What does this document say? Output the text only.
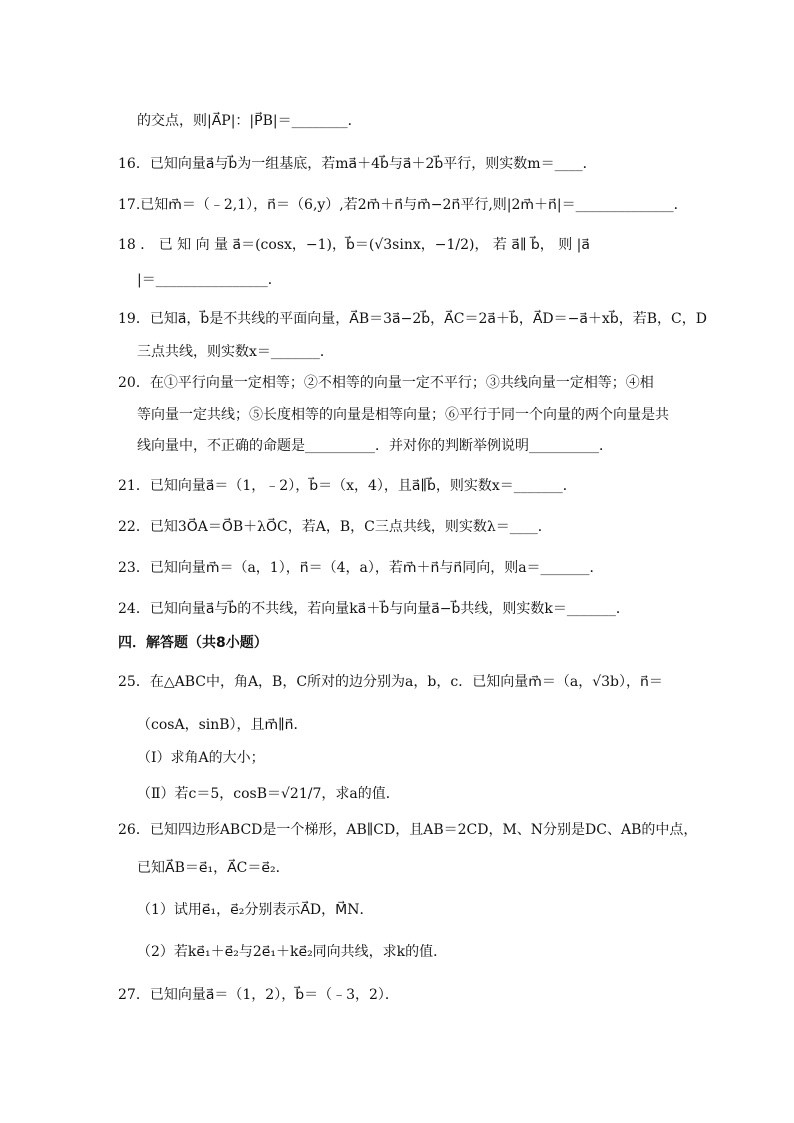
的交点，则|A⃗P|：|P⃗B|＝________．
16．已知向量a⃗与b⃗为一组基底，若ma⃗＋4b⃗与a⃗＋2b⃗平行，则实数m＝____．
17.已知m⃗＝（﹣2,1），n⃗＝（6,y）,若2m⃗＋n⃗与m⃗−2n⃗平行,则|2m⃗＋n⃗|＝______________．
18 ． 已 知 向 量 a⃗＝(cosx，−1)，b⃗＝(√3sinx，−1/2)， 若 a⃗∥ b⃗， 则 |a⃗
|＝________________．
19．已知a⃗，b⃗是不共线的平面向量，A⃗B＝3a⃗−2b⃗，A⃗C＝2a⃗＋b⃗，A⃗D＝−a⃗＋xb⃗，若B，C，D
三点共线，则实数x＝_______．
20．在①平行向量一定相等；②不相等的向量一定不平行；③共线向量一定相等；④相
等向量一定共线；⑤长度相等的向量是相等向量；⑥平行于同一个向量的两个向量是共
线向量中，不正确的命题是__________．并对你的判断举例说明__________．
21．已知向量a⃗＝（1，﹣2），b⃗＝（x，4），且a⃗∥b⃗，则实数x＝_______．
22．已知3O⃗A＝O⃗B＋λO⃗C，若A，B，C三点共线，则实数λ＝____．
23．已知向量m⃗＝（a，1），n⃗＝（4，a），若m⃗＋n⃗与n⃗同向，则a＝_______．
24．已知向量a⃗与b⃗的不共线，若向量ka⃗＋b⃗与向量a⃗−b⃗共线，则实数k＝_______．
四．解答题（共8小题）
25．在△ABC中，角A，B，C所对的边分别为a，b，c．已知向量m⃗＝（a，√3b），n⃗＝
（cosA，sinB），且m⃗∥n⃗．
（Ⅰ）求角A的大小；
（Ⅱ）若c＝5，cosB＝√21/7，求a的值．
26．已知四边形ABCD是一个梯形，AB∥CD，且AB＝2CD，M、N分别是DC、AB的中点，
已知A⃗B＝e⃗₁，A⃗C＝e⃗₂．
（1）试用e⃗₁，e⃗₂分别表示A⃗D，M⃗N．
（2）若ke⃗₁＋e⃗₂与2e⃗₁＋ke⃗₂同向共线，求k的值．
27．已知向量a⃗＝（1，2），b⃗＝（﹣3，2）．
